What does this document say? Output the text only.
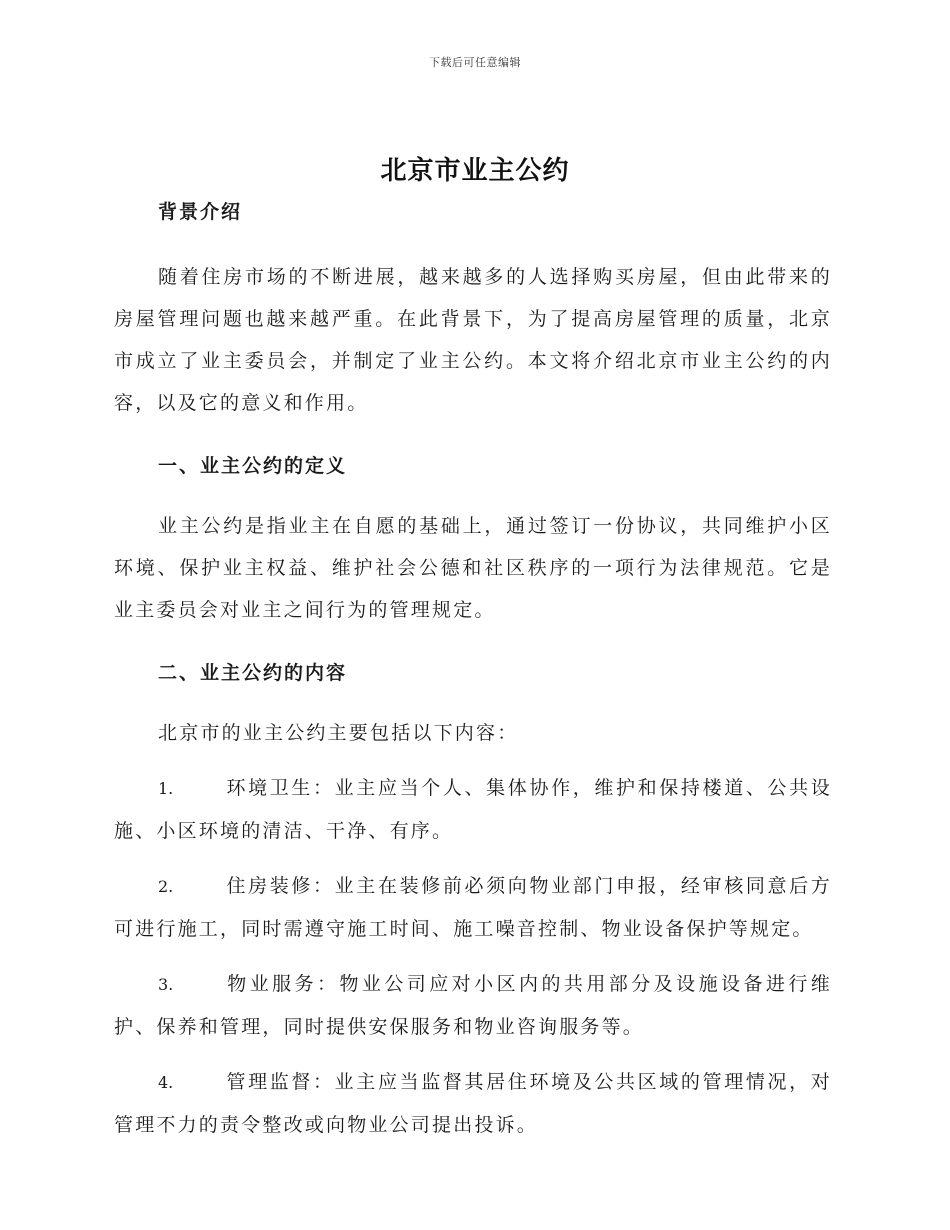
下载后可任意编辑
北京市业主公约

背景介绍

随着住房市场的不断进展，越来越多的人选择购买房屋，但由此带来的房屋管理问题也越来越严重。在此背景下，为了提高房屋管理的质量，北京市成立了业主委员会，并制定了业主公约。本文将介绍北京市业主公约的内容，以及它的意义和作用。

一、业主公约的定义

业主公约是指业主在自愿的基础上，通过签订一份协议，共同维护小区环境、保护业主权益、维护社会公德和社区秩序的一项行为法律规范。它是业主委员会对业主之间行为的管理规定。

二、业主公约的内容

北京市的业主公约主要包括以下内容：

1.	环境卫生：业主应当个人、集体协作，维护和保持楼道、公共设施、小区环境的清洁、干净、有序。
2.	住房装修：业主在装修前必须向物业部门申报，经审核同意后方可进行施工，同时需遵守施工时间、施工噪音控制、物业设备保护等规定。
3.	物业服务：物业公司应对小区内的共用部分及设施设备进行维护、保养和管理，同时提供安保服务和物业咨询服务等。
4.	管理监督：业主应当监督其居住环境及公共区域的管理情况，对管理不力的责令整改或向物业公司提出投诉。
